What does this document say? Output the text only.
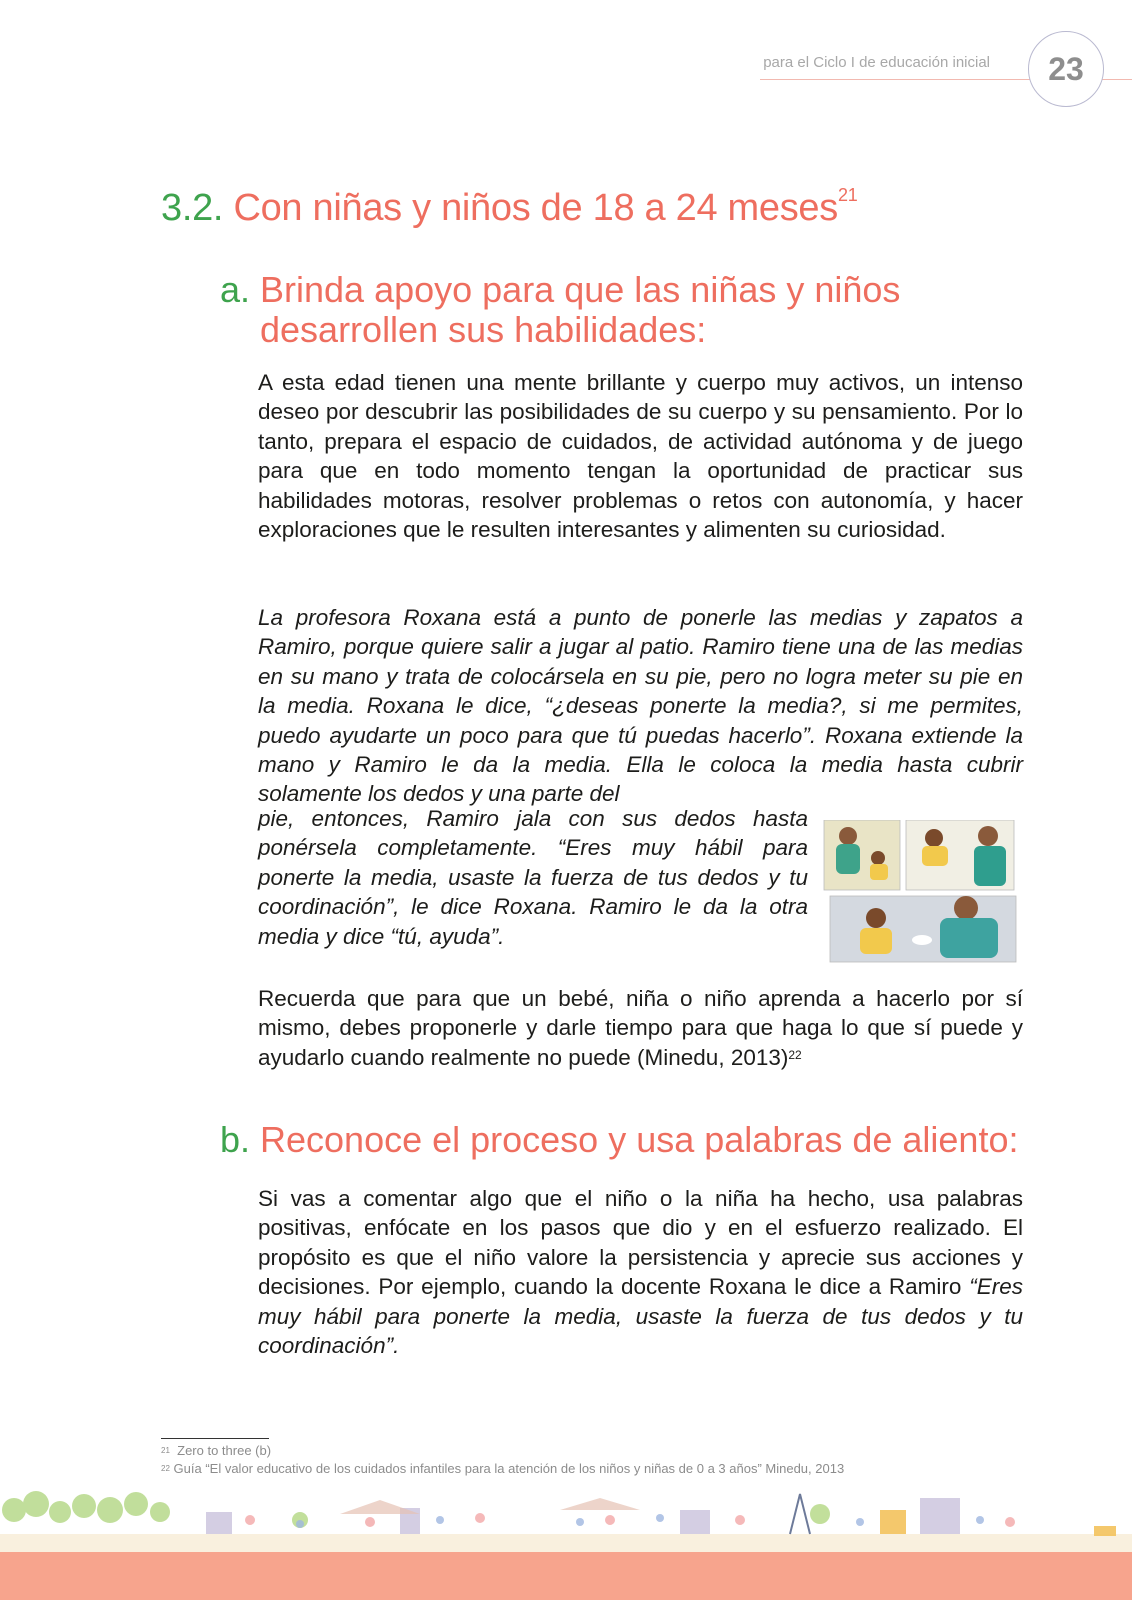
para el Ciclo I de educación inicial	23
3.2. Con niñas y niños de 18 a 24 meses$^{21}$
a. Brinda apoyo para que las niñas y niños
desarrollen sus habilidades:
A esta edad tienen una mente brillante y cuerpo muy activos, un intenso deseo por descubrir las posibilidades de su cuerpo y su pensamiento. Por lo tanto, prepara el espacio de cuidados, de actividad autónoma y de juego para que en todo momento tengan la oportunidad de practicar sus habilidades motoras, resolver problemas o retos con autonomía, y hacer exploraciones que le resulten interesantes y alimenten su curiosidad.
La profesora Roxana está a punto de ponerle las medias y zapatos a Ramiro, porque quiere salir a jugar al patio. Ramiro tiene una de las medias en su mano y trata de colocársela en su pie, pero no logra meter su pie en la media. Roxana le dice, “¿deseas ponerte la media?, si me permites, puedo ayudarte un poco para que tú puedas hacerlo”. Roxana extiende la mano y Ramiro le da la media. Ella le coloca la media hasta cubrir solamente los dedos y una parte del
pie, entonces, Ramiro jala con sus dedos hasta ponérsela completamente. “Eres muy hábil para ponerte la media, usaste la fuerza de tus dedos y tu coordinación”, le dice Roxana. Ramiro le da la otra media y dice “tú, ayuda”.
Recuerda que para que un bebé, niña o niño aprenda a hacerlo por sí mismo, debes proponerle y darle tiempo para que haga lo que sí puede y ayudarlo cuando realmente no puede (Minedu, 2013)$^{22}$
b. Reconoce el proceso y usa palabras de aliento:
Si vas a comentar algo que el niño o la niña ha hecho, usa palabras positivas, enfócate en los pasos que dio y en el esfuerzo realizado. El propósito es que el niño valore la persistencia y aprecie sus acciones y decisiones. Por ejemplo, cuando la docente Roxana le dice a Ramiro “Eres muy hábil para ponerte la media, usaste la fuerza de tus dedos y tu coordinación”.
$^{21}$ Zero to three (b)
$^{22}$ Guía “El valor educativo de los cuidados infantiles para la atención de los niños y niñas de 0 a 3 años” Minedu, 2013
